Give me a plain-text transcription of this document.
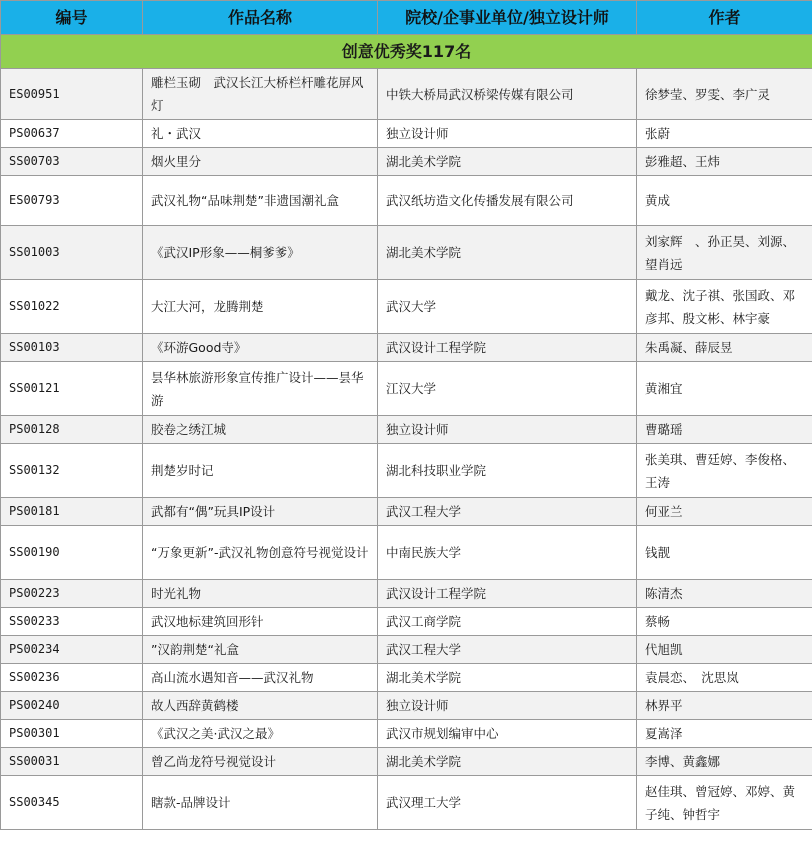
编号	作品名称	院校/企事业单位/独立设计师	作者
创意优秀奖117名			
ES00951	雕栏玉砌　武汉长江大桥栏杆雕花屏风灯	中铁大桥局武汉桥梁传媒有限公司	徐梦莹、罗雯、李广灵
PS00637	礼・武汉	独立设计师	张蔚
SS00703	烟火里分	湖北美术学院	彭雅超、王炜
ES00793	武汉礼物“品味荆楚”非遗国潮礼盒	武汉纸坊造文化传播发展有限公司	黄成
SS01003	《武汉IP形象——桐爹爹》	湖北美术学院	刘家辉　、孙正昊、刘源、望肖远
SS01022	大江大河，龙腾荆楚	武汉大学	戴龙、沈子祺、张国政、邓彦邦、殷文彬、林宇豪
SS00103	《环游Good寺》	武汉设计工程学院	朱禹凝、薛辰昱
SS00121	昙华林旅游形象宣传推广设计——昙华游	江汉大学	黄湘宜
PS00128	胶卷之绣江城	独立设计师	曹璐瑶
SS00132	荆楚岁时记	湖北科技职业学院	张美琪、曹廷婷、李俊格、王涛
PS00181	武都有“偶”玩具IP设计	武汉工程大学	何亚兰
SS00190	“万象更新”-武汉礼物创意符号视觉设计	中南民族大学	钱靓
PS00223	时光礼物	武汉设计工程学院	陈清杰
SS00233	武汉地标建筑回形针	武汉工商学院	蔡畅
PS00234	”汉韵荆楚“礼盒	武汉工程大学	代旭凯
SS00236	高山流水遇知音——武汉礼物	湖北美术学院	袁晨恋、　沈思岚
PS00240	故人西辞黄鹤楼	独立设计师	林界平
PS00301	《武汉之美·武汉之最》	武汉市规划编审中心	夏嵩泽
SS00031	曾乙尚龙符号视觉设计	湖北美术学院	李博、黄鑫娜
SS00345	瞎款-品牌设计	武汉理工大学	赵佳琪、曾冠婷、邓婷、黄子纯、钟哲宇
